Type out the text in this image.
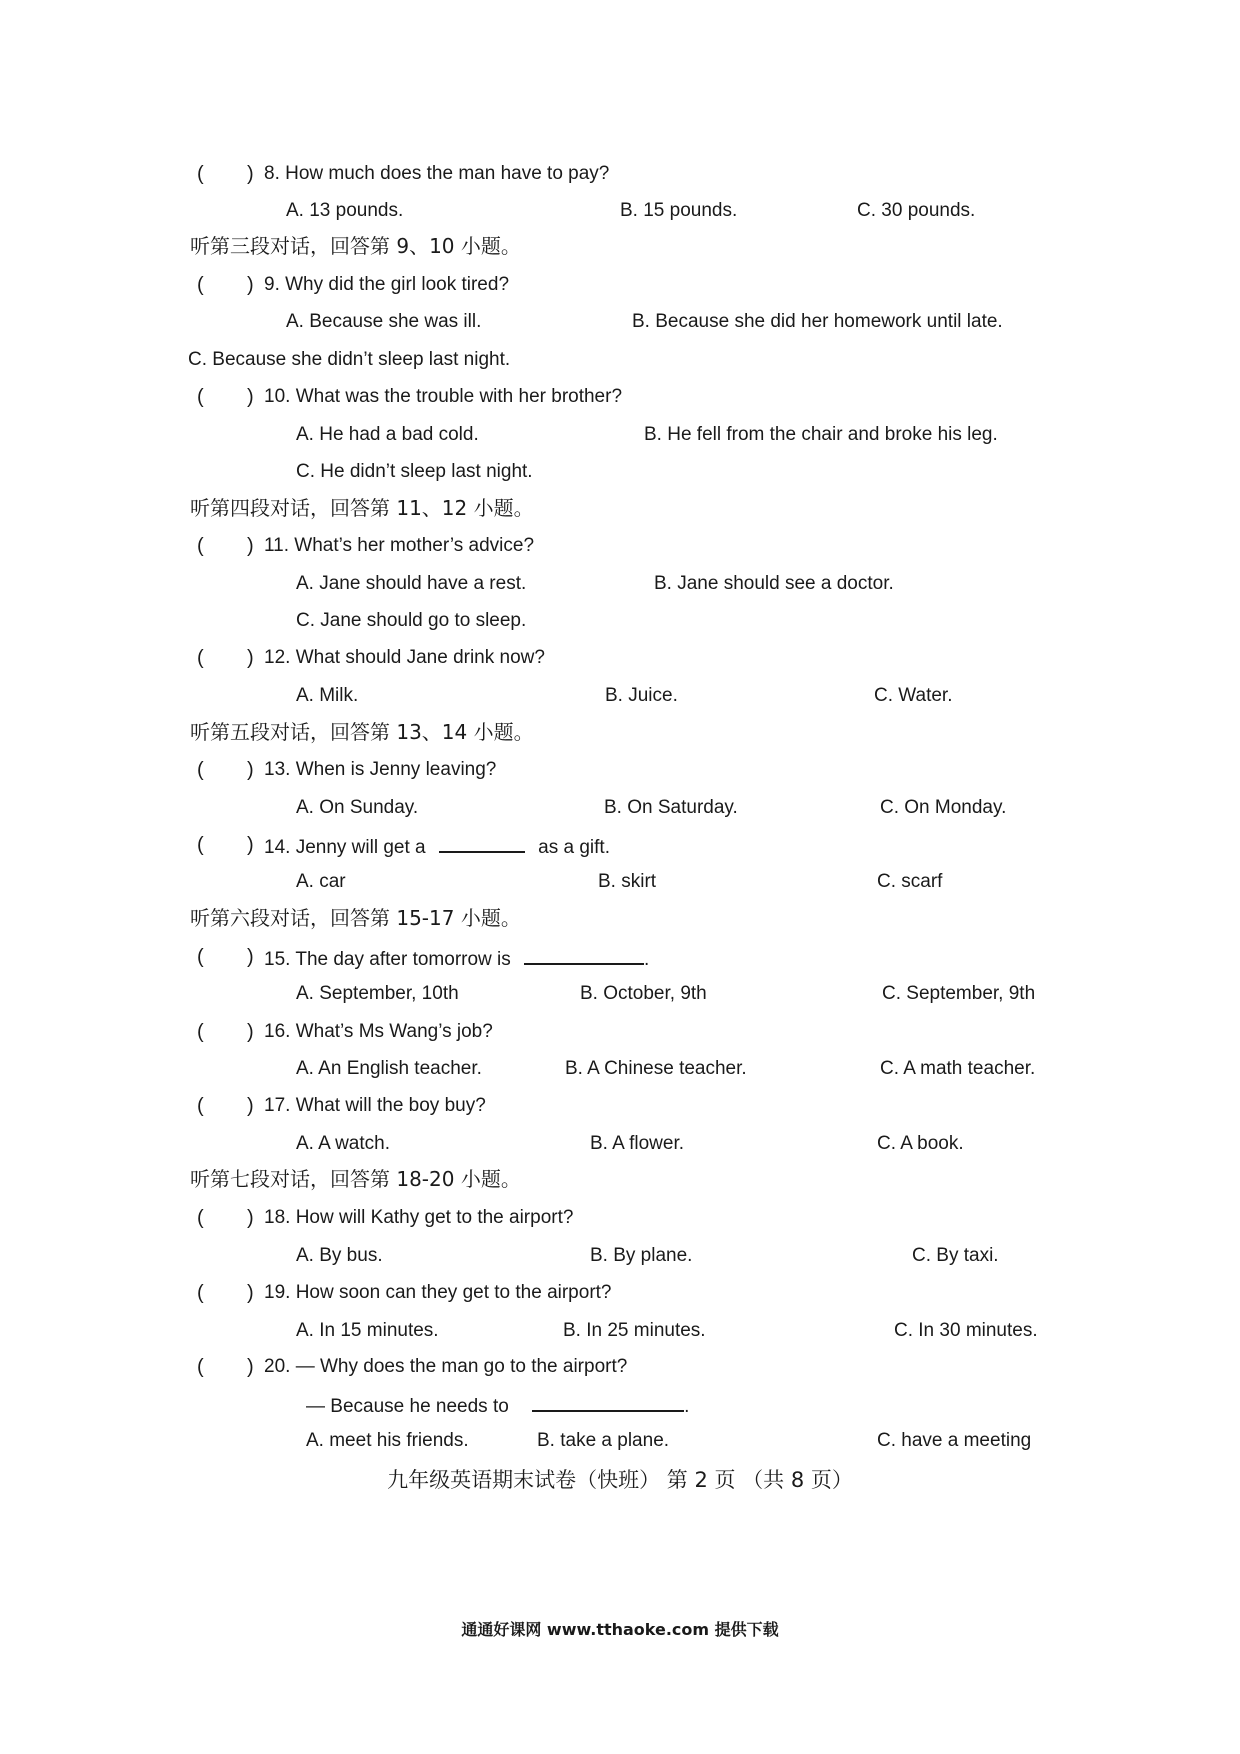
( ) 8. How much does the man have to pay?
A. 13 pounds.	B. 15 pounds.	C. 30 pounds.
听第三段对话，回答第 9、10 小题。
( ) 9. Why did the girl look tired?
A. Because she was ill.	B. Because she did her homework until late.
C. Because she didn’t sleep last night.
( ) 10. What was the trouble with her brother?
A. He had a bad cold.	B. He fell from the chair and broke his leg.
C. He didn’t sleep last night.
听第四段对话，回答第 11、12 小题。
( ) 11. What’s her mother’s advice?
A. Jane should have a rest.	B. Jane should see a doctor.
C. Jane should go to sleep.
( ) 12. What should Jane drink now?
A. Milk.	B. Juice.	C. Water.
听第五段对话，回答第 13、14 小题。
( ) 13. When is Jenny leaving?
A. On Sunday.	B. On Saturday.	C. On Monday.
( ) 14. Jenny will get a	as a gift.
A. car	B. skirt	C. scarf
听第六段对话，回答第 15-17 小题。
( ) 15. The day after tomorrow is	.
A. September, 10th	B. October, 9th	C. September, 9th
( ) 16. What’s Ms Wang’s job?
A. An English teacher.	B. A Chinese teacher.	C. A math teacher.
( ) 17. What will the boy buy?
A. A watch.	B. A flower.	C. A book.
听第七段对话，回答第 18-20 小题。
( ) 18. How will Kathy get to the airport?
A. By bus.	B. By plane.	C. By taxi.
( ) 19. How soon can they get to the airport?
A. In 15 minutes.	B. In 25 minutes.	C. In 30 minutes.
( ) 20. — Why does the man go to the airport?
— Because he needs to	.
A. meet his friends.	B. take a plane.	C. have a meeting
九年级英语期末试卷（快班） 第 2 页 （共 8 页）
通通好课网 www.tthaoke.com 提供下载
